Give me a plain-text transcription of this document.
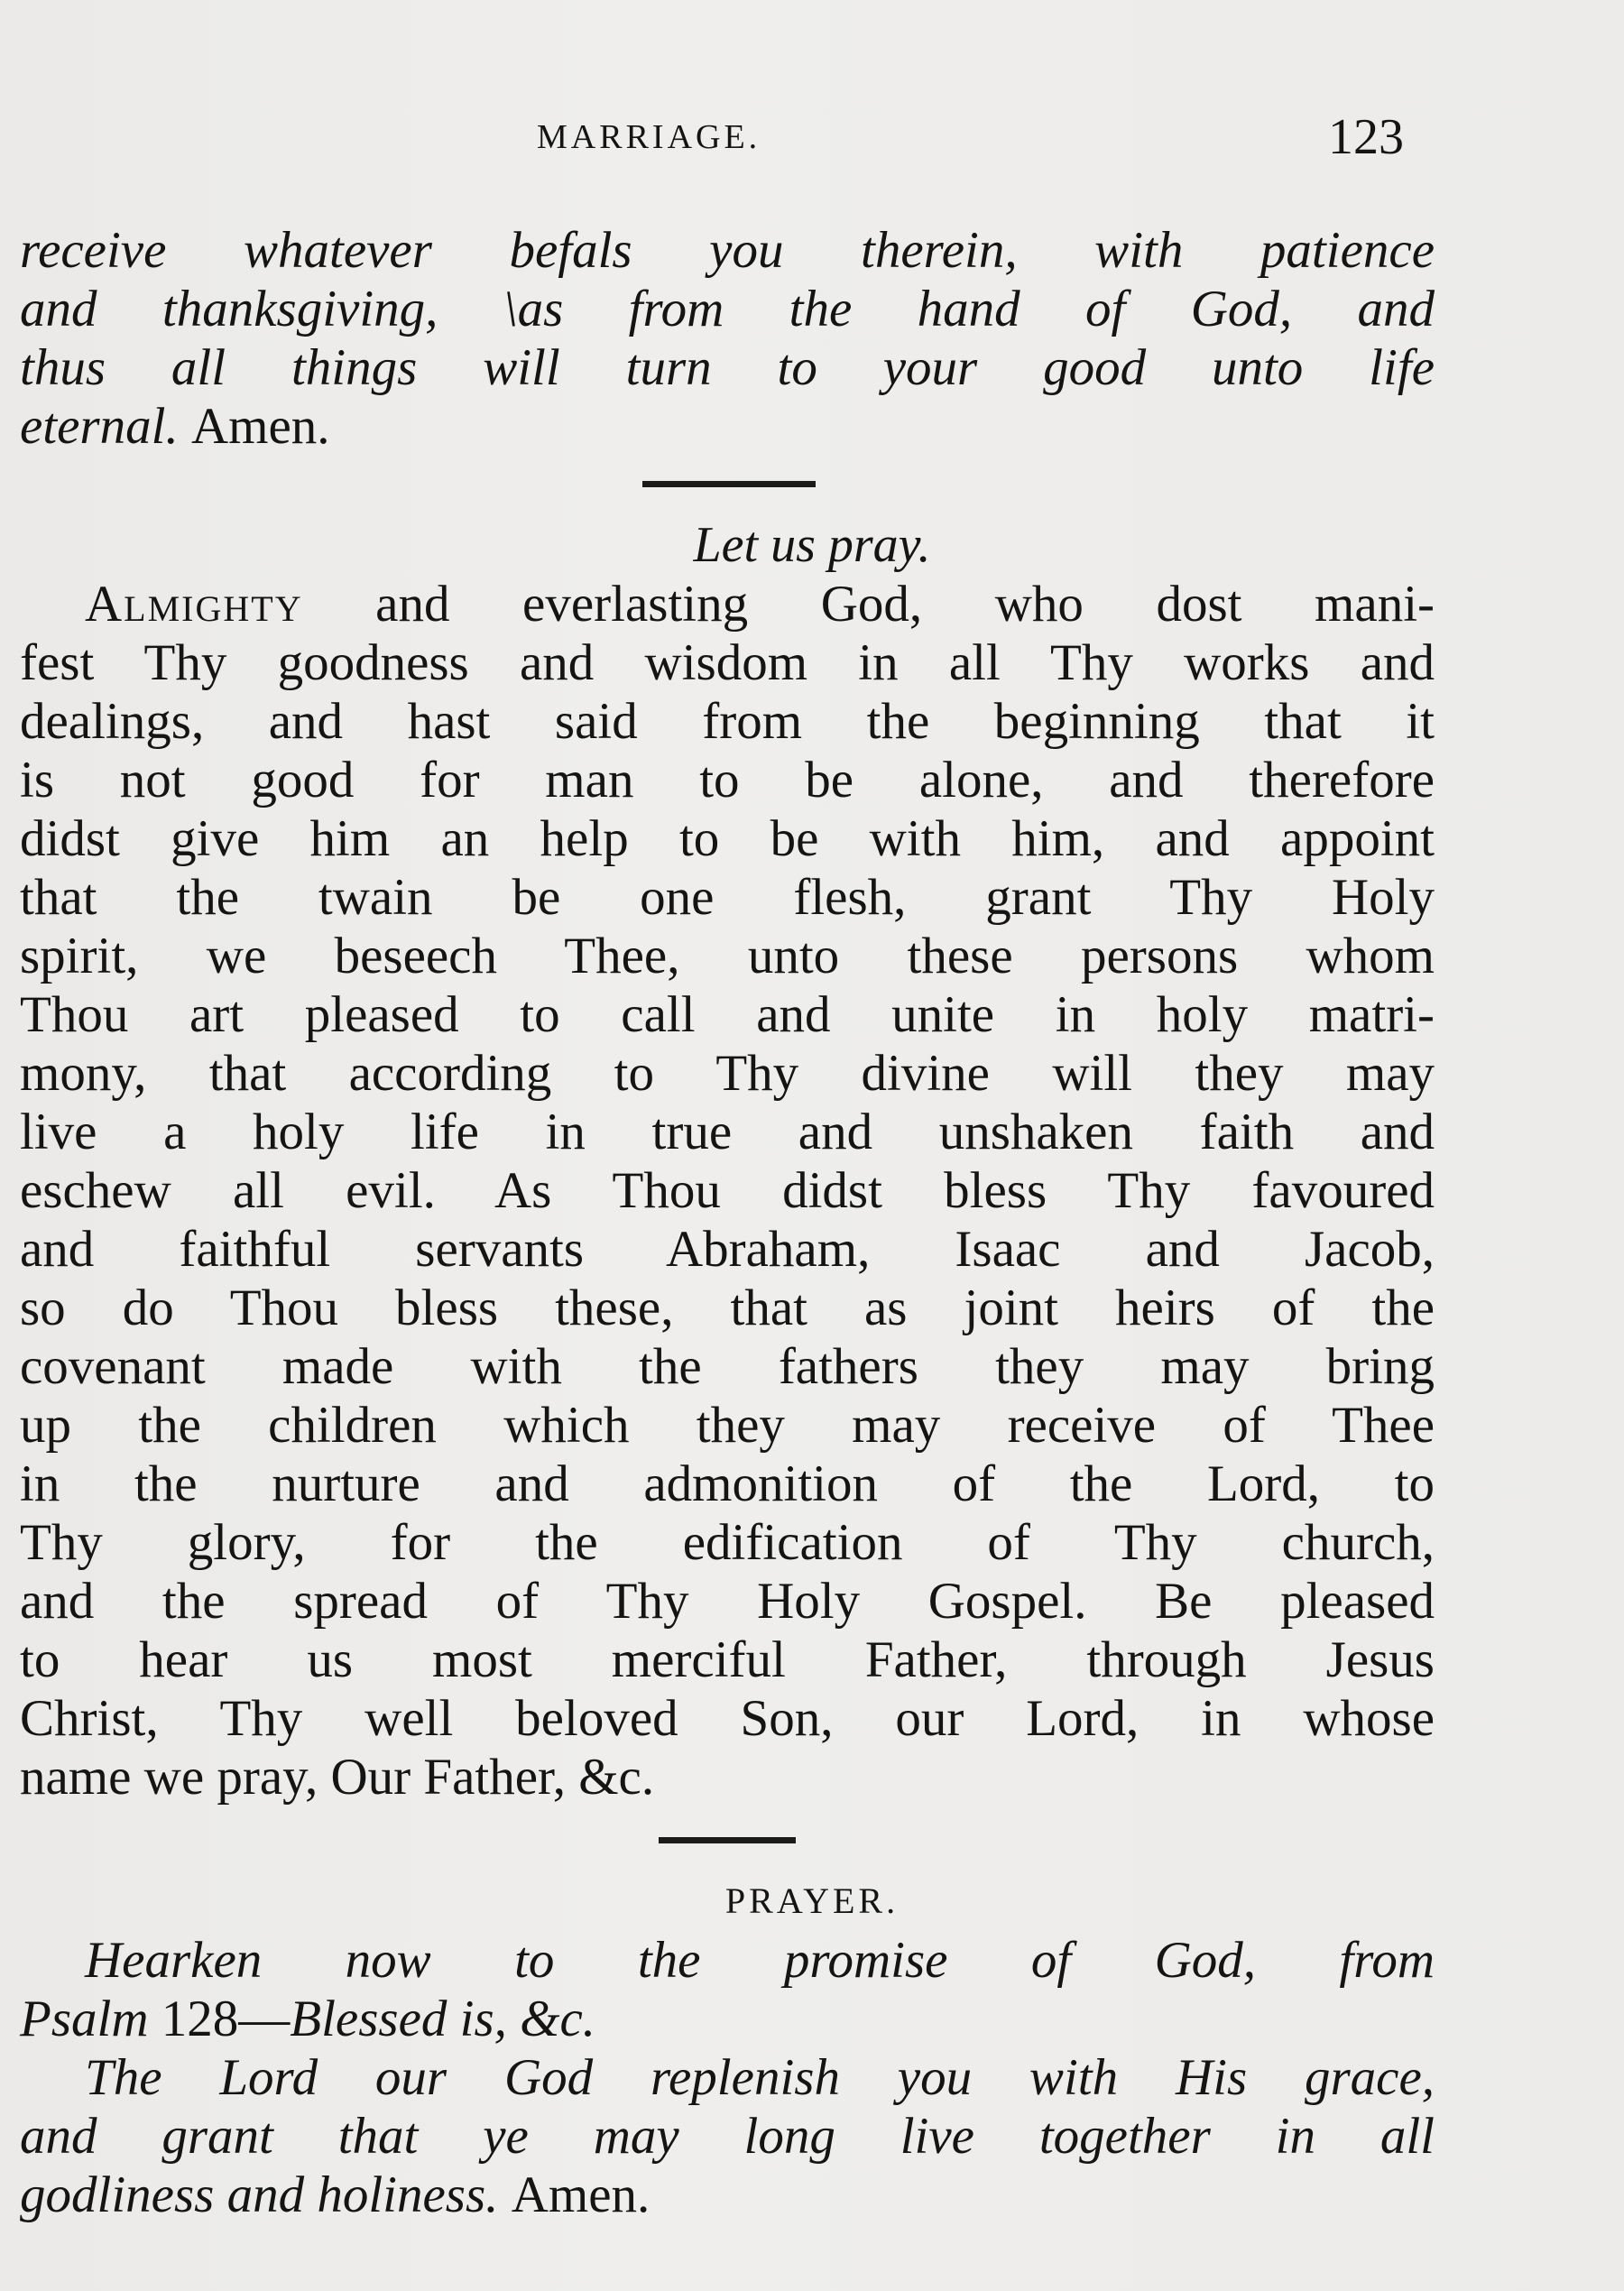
MARRIAGE.	123
receive whatever befals you therein, with patience
and thanksgiving, \as from the hand of God, and
thus all things will turn to your good unto life
eternal. Amen.
Let us pray.
Almighty and everlasting God, who dost mani-
fest Thy goodness and wisdom in all Thy works and
dealings, and hast said from the beginning that it
is not good for man to be alone, and therefore
didst give him an help to be with him, and appoint
that the twain be one flesh, grant Thy Holy
spirit, we beseech Thee, unto these persons whom
Thou art pleased to call and unite in holy matri-
mony, that according to Thy divine will they may
live a holy life in true and unshaken faith and
eschew all evil. As Thou didst bless Thy favoured
and faithful servants Abraham, Isaac and Jacob,
so do Thou bless these, that as joint heirs of the
covenant made with the fathers they may bring
up the children which they may receive of Thee
in the nurture and admonition of the Lord, to
Thy glory, for the edification of Thy church,
and the spread of Thy Holy Gospel. Be pleased
to hear us most merciful Father, through Jesus
Christ, Thy well beloved Son, our Lord, in whose
name we pray, Our Father, &c.
PRAYER.
Hearken now to the promise of God, from
Psalm 128—Blessed is, &c.
The Lord our God replenish you with His grace,
and grant that ye may long live together in all
godliness and holiness. Amen.
